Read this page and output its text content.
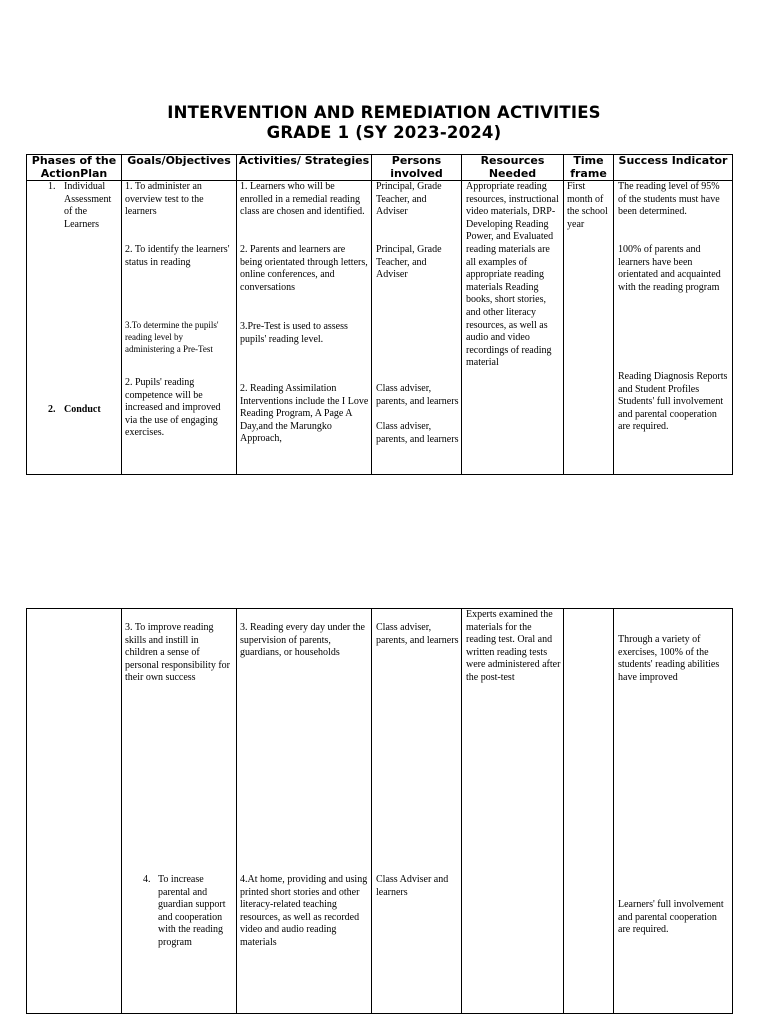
INTERVENTION AND REMEDIATION ACTIVITIES
GRADE 1 (SY 2023-2024)
Phases of the ActionPlan
Goals/Objectives Activities/ Strategies	Persons involved
Resources Needed
Time frame
Success Indicator
1. Individual Assessment of the Learners
2. Conduct
1. To administer an overview test to the learners
2. To identify the learners' status in reading
3.To determine the pupils' reading level by administering a Pre-Test
2. Pupils' reading competence will be increased and improved via the use of engaging exercises.
1. Learners who will be enrolled in a remedial reading class are chosen and identified.
2. Parents and learners are being orientated through letters, online conferences, and conversations
3.Pre-Test is used to assess pupils' reading level.
2. Reading Assimilation Interventions include the I Love Reading Program, A Page A Day,and the Marungko Approach,
Principal, Grade Teacher, and Adviser
Principal, Grade Teacher, and Adviser
Class adviser, parents, and learners
Class adviser, parents, and learners
Appropriate reading resources, instructional video materials, DRP- Developing Reading Power, and Evaluated reading materials are all examples of appropriate reading materials Reading books, short stories, and other literacy resources, as well as audio and video recordings of reading material
First month of the school year
The reading level of 95% of the students must have been determined.
100% of parents and learners have been orientated and acquainted with the reading program
Reading Diagnosis Reports and Student Profiles Students' full involvement and parental cooperation are required.
3. To improve reading skills and instill in children a sense of personal responsibility for their own success
4. To increase parental and guardian support and cooperation with the reading program
3. Reading every day under the supervision of parents, guardians, or households
4.At home, providing and using printed short stories and other literacy-related teaching resources, as well as recorded video and audio reading materials
Class adviser, parents, and learners
Class Adviser and learners
Experts examined the materials for the reading test. Oral and written reading tests were administered after the post-test
Through a variety of exercises, 100% of the students' reading abilities have improved
Learners' full involvement and parental cooperation are required.
